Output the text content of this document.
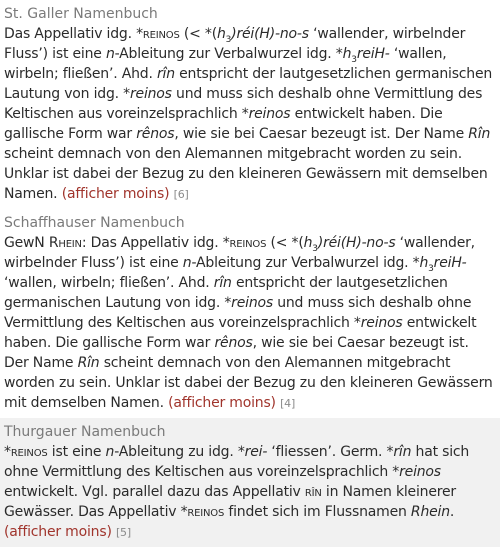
St. Galler Namenbuch
Das Appellativ idg. *reinos (< $*(h_3)réi(H)-no-s$ ‘wallender, wirbelnder Fluss’) ist eine n-Ableitung zur Verbalwurzel idg. $*h_3reiH-$ ‘wallen, wirbeln; fließen’. Ahd. rîn entspricht der lautgesetzlichen germanischen Lautung von idg. *reinos und muss sich deshalb ohne Vermittlung des Keltischen aus voreinzelsprachlich *reinos entwickelt haben. Die gallische Form war rênos, wie sie bei Caesar bezeugt ist. Der Name Rîn scheint demnach von den Alemannen mitgebracht worden zu sein. Unklar ist dabei der Bezug zu den kleineren Gewässern mit demselben Namen. (afficher moins) [6]
Schaffhauser Namenbuch
GewN Rhein: Das Appellativ idg. *reinos (< $*(h_3)réi(H)-no-s$ ‘wallender, wirbelnder Fluss’) ist eine n-Ableitung zur Verbalwurzel idg. $*h_3reiH-$ ‘wallen, wirbeln; fließen’. Ahd. rîn entspricht der lautgesetzlichen germanischen Lautung von idg. *reinos und muss sich deshalb ohne Vermittlung des Keltischen aus voreinzelsprachlich *reinos entwickelt haben. Die gallische Form war rênos, wie sie bei Caesar bezeugt ist. Der Name Rîn scheint demnach von den Alemannen mitgebracht worden zu sein. Unklar ist dabei der Bezug zu den kleineren Gewässern mit demselben Namen. (afficher moins) [4]
Thurgauer Namenbuch
*reinos ist eine n-Ableitung zu idg. *rei- ‘fliessen’. Germ. *rîn hat sich ohne Vermittlung des Keltischen aus voreinzelsprachlich *reinos entwickelt. Vgl. parallel dazu das Appellativ rîn in Namen kleinerer Gewässer. Das Appellativ *reinos findet sich im Flussnamen Rhein. (afficher moins) [5]
